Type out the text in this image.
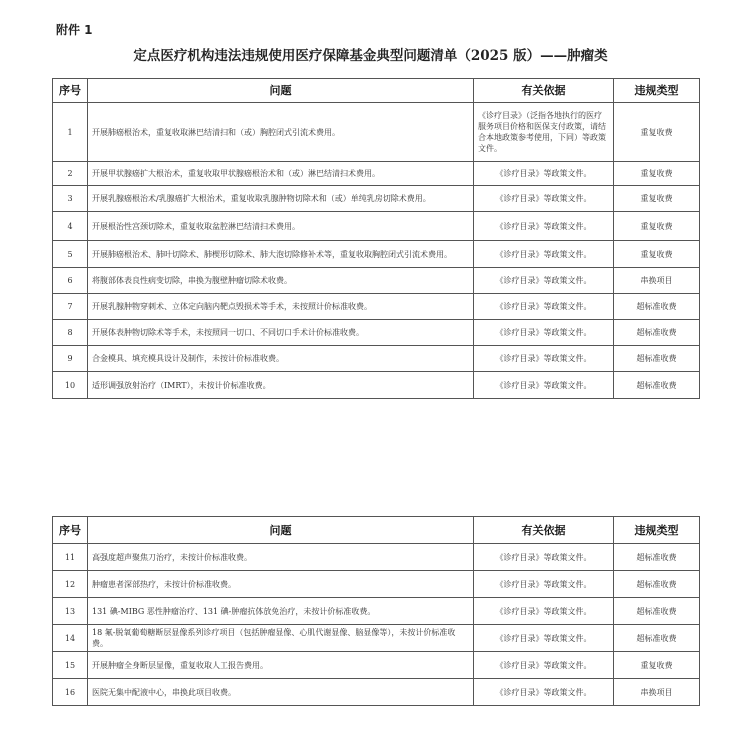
附件 1
定点医疗机构违法违规使用医疗保障基金典型问题清单（2025 版）——肿瘤类
序号	问题	有关依据	违规类型
1	开展肺癌根治术，重复收取淋巴结清扫和（或）胸腔闭式引流术费用。	《诊疗目录》（泛指各地执行的医疗服务项目价格和医保支付政策，请结合本地政策参考使用，下同）等政策文件。	重复收费
2	开展甲状腺癌扩大根治术，重复收取甲状腺癌根治术和（或）淋巴结清扫术费用。	《诊疗目录》等政策文件。	重复收费
3	开展乳腺癌根治术/乳腺癌扩大根治术，重复收取乳腺肿物切除术和（或）单纯乳房切除术费用。	《诊疗目录》等政策文件。	重复收费
4	开展根治性宫颈切除术，重复收取盆腔淋巴结清扫术费用。	《诊疗目录》等政策文件。	重复收费
5	开展肺癌根治术、肺叶切除术、肺楔形切除术、肺大泡切除修补术等，重复收取胸腔闭式引流术费用。	《诊疗目录》等政策文件。	重复收费
6	将腹部体表良性病变切除，串换为腹壁肿瘤切除术收费。	《诊疗目录》等政策文件。	串换项目
7	开展乳腺肿物穿刺术、立体定向脑内靶点毁损术等手术，未按照计价标准收费。	《诊疗目录》等政策文件。	超标准收费
8	开展体表肿物切除术等手术，未按照同一切口、不同切口手术计价标准收费。	《诊疗目录》等政策文件。	超标准收费
9	合金模具、填充模具设计及制作，未按计价标准收费。	《诊疗目录》等政策文件。	超标准收费
10	适形调强放射治疗（IMRT），未按计价标准收费。	《诊疗目录》等政策文件。	超标准收费
序号	问题	有关依据	违规类型
11	高强度超声聚焦刀治疗，未按计价标准收费。	《诊疗目录》等政策文件。	超标准收费
12	肿瘤患者深部热疗，未按计价标准收费。	《诊疗目录》等政策文件。	超标准收费
13	131 碘-MIBG 恶性肿瘤治疗、131 碘-肿瘤抗体放免治疗，未按计价标准收费。	《诊疗目录》等政策文件。	超标准收费
14	18 氟-脱氧葡萄糖断层显像系列诊疗项目（包括肿瘤显像、心肌代谢显像、脑显像等），未按计价标准收费。	《诊疗目录》等政策文件。	超标准收费
15	开展肿瘤全身断层显像，重复收取人工报告费用。	《诊疗目录》等政策文件。	重复收费
16	医院无集中配液中心，串换此项目收费。	《诊疗目录》等政策文件。	串换项目
